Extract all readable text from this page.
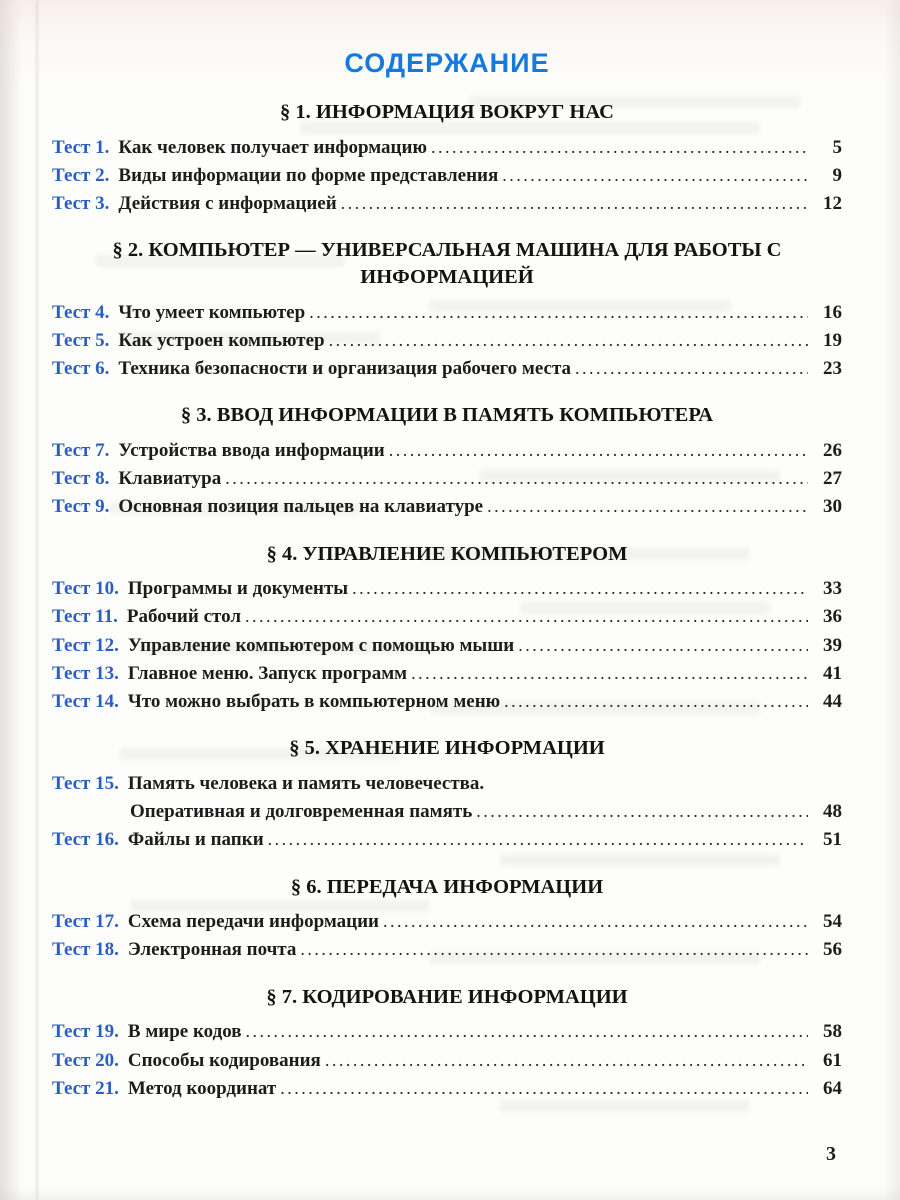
СОДЕРЖАНИЕ
§ 1. ИНФОРМАЦИЯ ВОКРУГ НАС
Тест 1. Как человек получает информацию .....	5
Тест 2. Виды информации по форме представления .....	9
Тест 3. Действия с информацией .....	12
§ 2. КОМПЬЮТЕР — УНИВЕРСАЛЬНАЯ МАШИНА ДЛЯ РАБОТЫ С ИНФОРМАЦИЕЙ
Тест 4. Что умеет компьютер .....	16
Тест 5. Как устроен компьютер .....	19
Тест 6. Техника безопасности и организация рабочего места .....	23
§ 3. ВВОД ИНФОРМАЦИИ В ПАМЯТЬ КОМПЬЮТЕРА
Тест 7. Устройства ввода информации .....	26
Тест 8. Клавиатура .....	27
Тест 9. Основная позиция пальцев на клавиатуре .....	30
§ 4. УПРАВЛЕНИЕ КОМПЬЮТЕРОМ
Тест 10. Программы и документы .....	33
Тест 11. Рабочий стол .....	36
Тест 12. Управление компьютером с помощью мыши .....	39
Тест 13. Главное меню. Запуск программ .....	41
Тест 14. Что можно выбрать в компьютерном меню .....	44
§ 5. ХРАНЕНИЕ ИНФОРМАЦИИ
Тест 15. Память человека и память человечества.
Оперативная и долговременная память .....	48
Тест 16. Файлы и папки .....	51
§ 6. ПЕРЕДАЧА ИНФОРМАЦИИ
Тест 17. Схема передачи информации .....	54
Тест 18. Электронная почта .....	56
§ 7. КОДИРОВАНИЕ ИНФОРМАЦИИ
Тест 19. В мире кодов .....	58
Тест 20. Способы кодирования .....	61
Тест 21. Метод координат .....	64
3
